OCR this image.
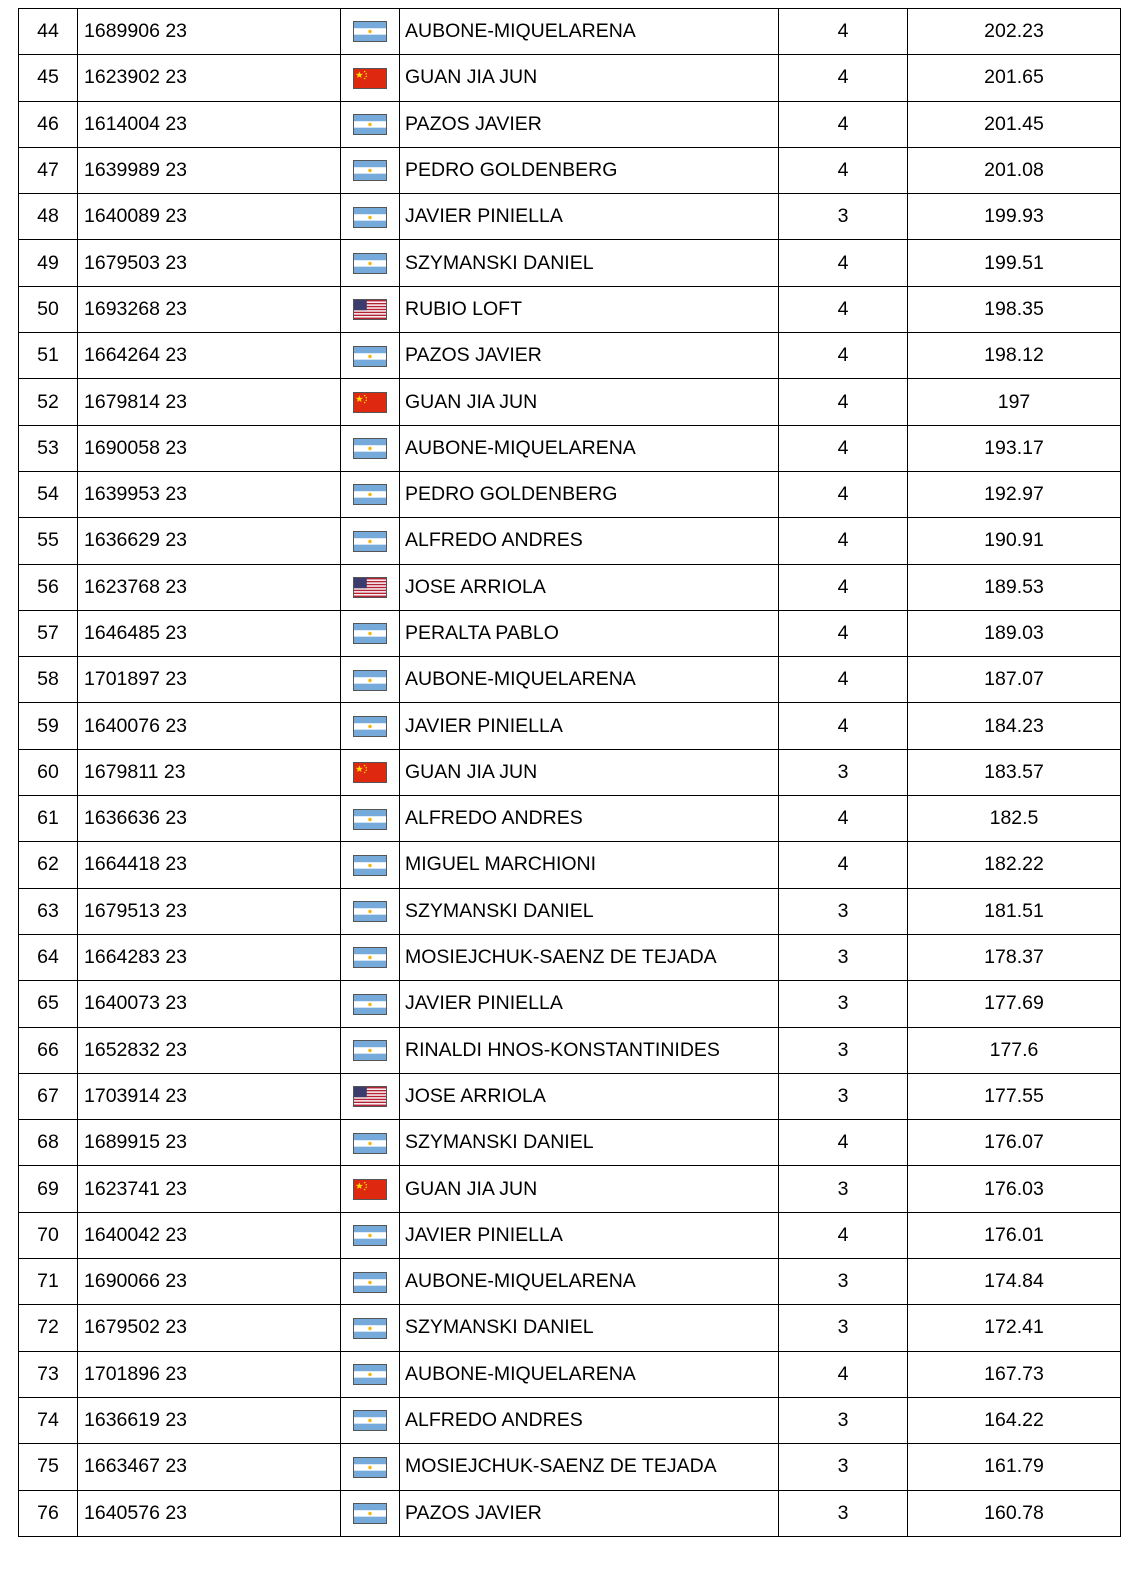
44	1689906 23		AUBONE-MIQUELARENA	4	202.23
45	1623902 23		GUAN JIA JUN	4	201.65
46	1614004 23		PAZOS JAVIER	4	201.45
47	1639989 23		PEDRO GOLDENBERG	4	201.08
48	1640089 23		JAVIER PINIELLA	3	199.93
49	1679503 23		SZYMANSKI DANIEL	4	199.51
50	1693268 23		RUBIO LOFT	4	198.35
51	1664264 23		PAZOS JAVIER	4	198.12
52	1679814 23		GUAN JIA JUN	4	197
53	1690058 23		AUBONE-MIQUELARENA	4	193.17
54	1639953 23		PEDRO GOLDENBERG	4	192.97
55	1636629 23		ALFREDO ANDRES	4	190.91
56	1623768 23		JOSE ARRIOLA	4	189.53
57	1646485 23		PERALTA PABLO	4	189.03
58	1701897 23		AUBONE-MIQUELARENA	4	187.07
59	1640076 23		JAVIER PINIELLA	4	184.23
60	1679811 23		GUAN JIA JUN	3	183.57
61	1636636 23		ALFREDO ANDRES	4	182.5
62	1664418 23		MIGUEL MARCHIONI	4	182.22
63	1679513 23		SZYMANSKI DANIEL	3	181.51
64	1664283 23		MOSIEJCHUK-SAENZ DE TEJADA	3	178.37
65	1640073 23		JAVIER PINIELLA	3	177.69
66	1652832 23		RINALDI HNOS-KONSTANTINIDES	3	177.6
67	1703914 23		JOSE ARRIOLA	3	177.55
68	1689915 23		SZYMANSKI DANIEL	4	176.07
69	1623741 23		GUAN JIA JUN	3	176.03
70	1640042 23		JAVIER PINIELLA	4	176.01
71	1690066 23		AUBONE-MIQUELARENA	3	174.84
72	1679502 23		SZYMANSKI DANIEL	3	172.41
73	1701896 23		AUBONE-MIQUELARENA	4	167.73
74	1636619 23		ALFREDO ANDRES	3	164.22
75	1663467 23		MOSIEJCHUK-SAENZ DE TEJADA	3	161.79
76	1640576 23		PAZOS JAVIER	3	160.78
